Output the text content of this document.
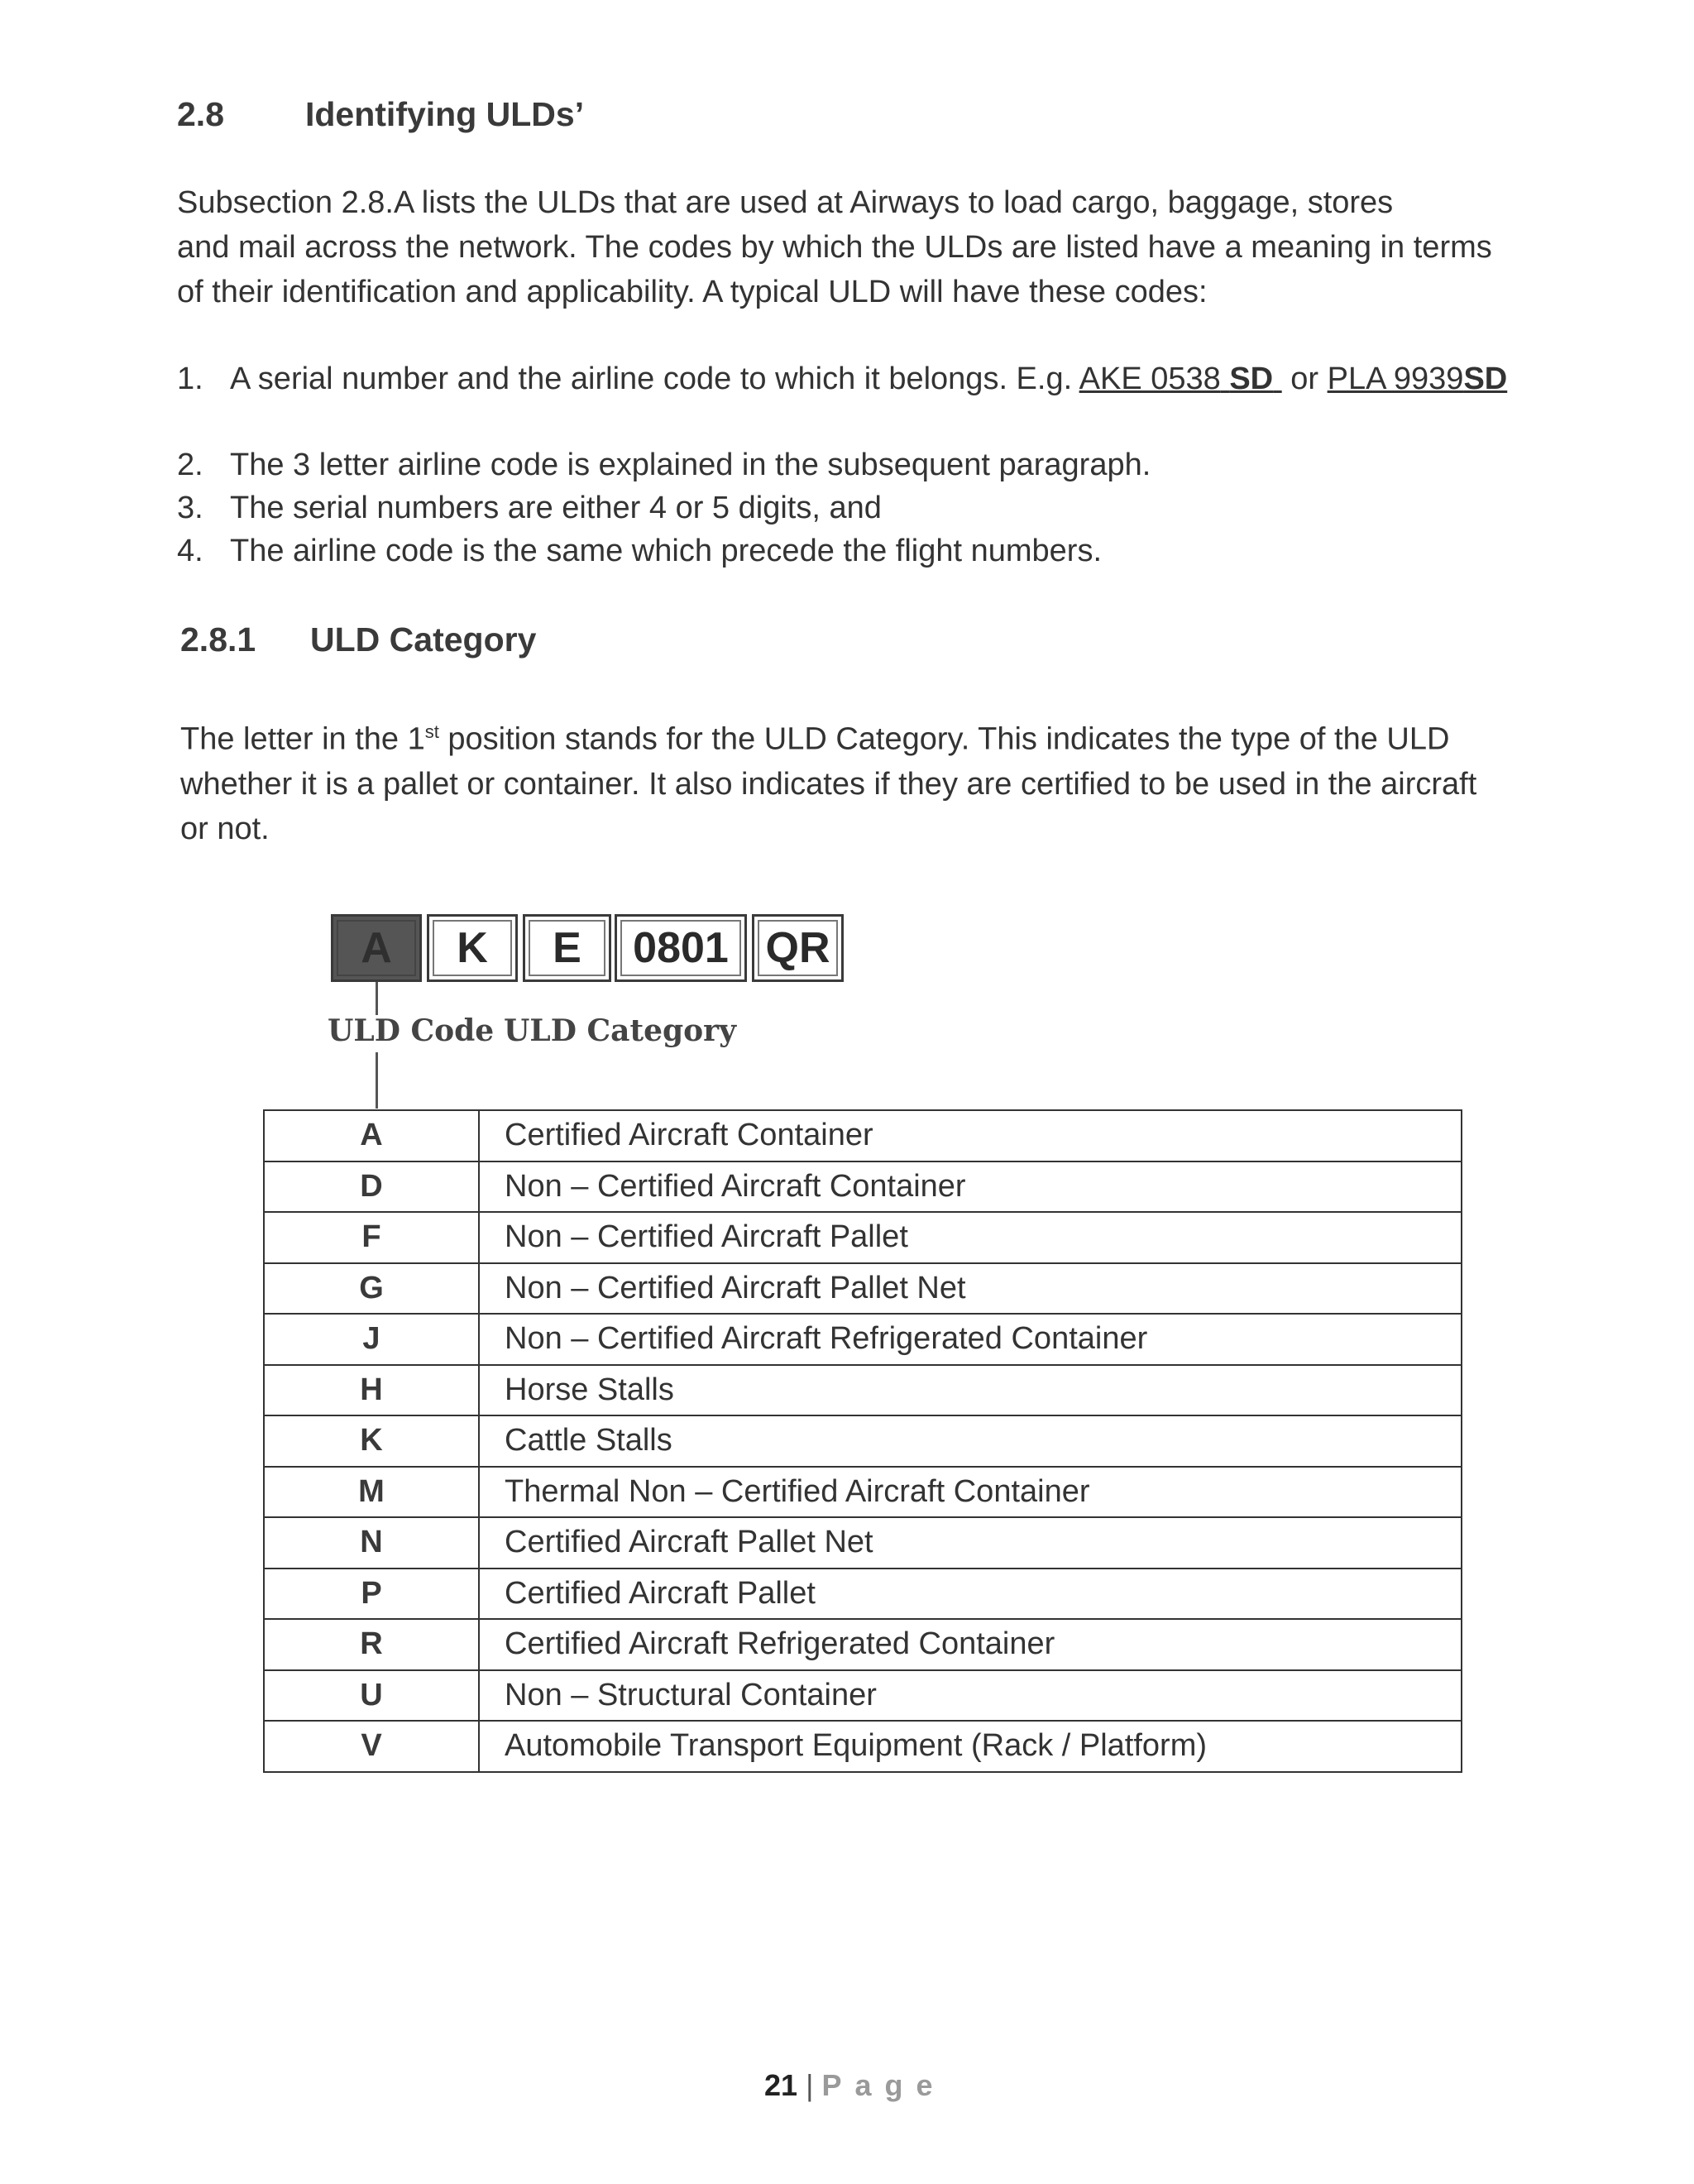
2.8 Identifying ULDs’

Subsection 2.8.A lists the ULDs that are used at Airways to load cargo, baggage, stores

and mail across the network. The codes by which the ULDs are listed have a meaning in terms

of their identification and applicability. A typical ULD will have these codes:

1. A serial number and the airline code to which it belongs. E.g. AKE 0538 SD or PLA 9939SD
2. The 3 letter airline code is explained in the subsequent paragraph.
3. The serial numbers are either 4 or 5 digits, and
4. The airline code is the same which precede the flight numbers.
2.8.1 ULD Category

The letter in the 1st position stands for the ULD Category. This indicates the type of the ULD

whether it is a pallet or container. It also indicates if they are certified to be used in the aircraft

or not.

A	K	E	0801 QR
ULD Code ULD Category
A	Certified Aircraft Container
D	Non – Certified Aircraft Container
F	Non – Certified Aircraft Pallet
G	Non – Certified Aircraft Pallet Net
J	Non – Certified Aircraft Refrigerated Container
H	Horse Stalls
K	Cattle Stalls
M	Thermal Non – Certified Aircraft Container
N	Certified Aircraft Pallet Net
P	Certified Aircraft Pallet
R	Certified Aircraft Refrigerated Container
U	Non – Structural Container
V	Automobile Transport Equipment (Rack / Platform)
21 | Page
